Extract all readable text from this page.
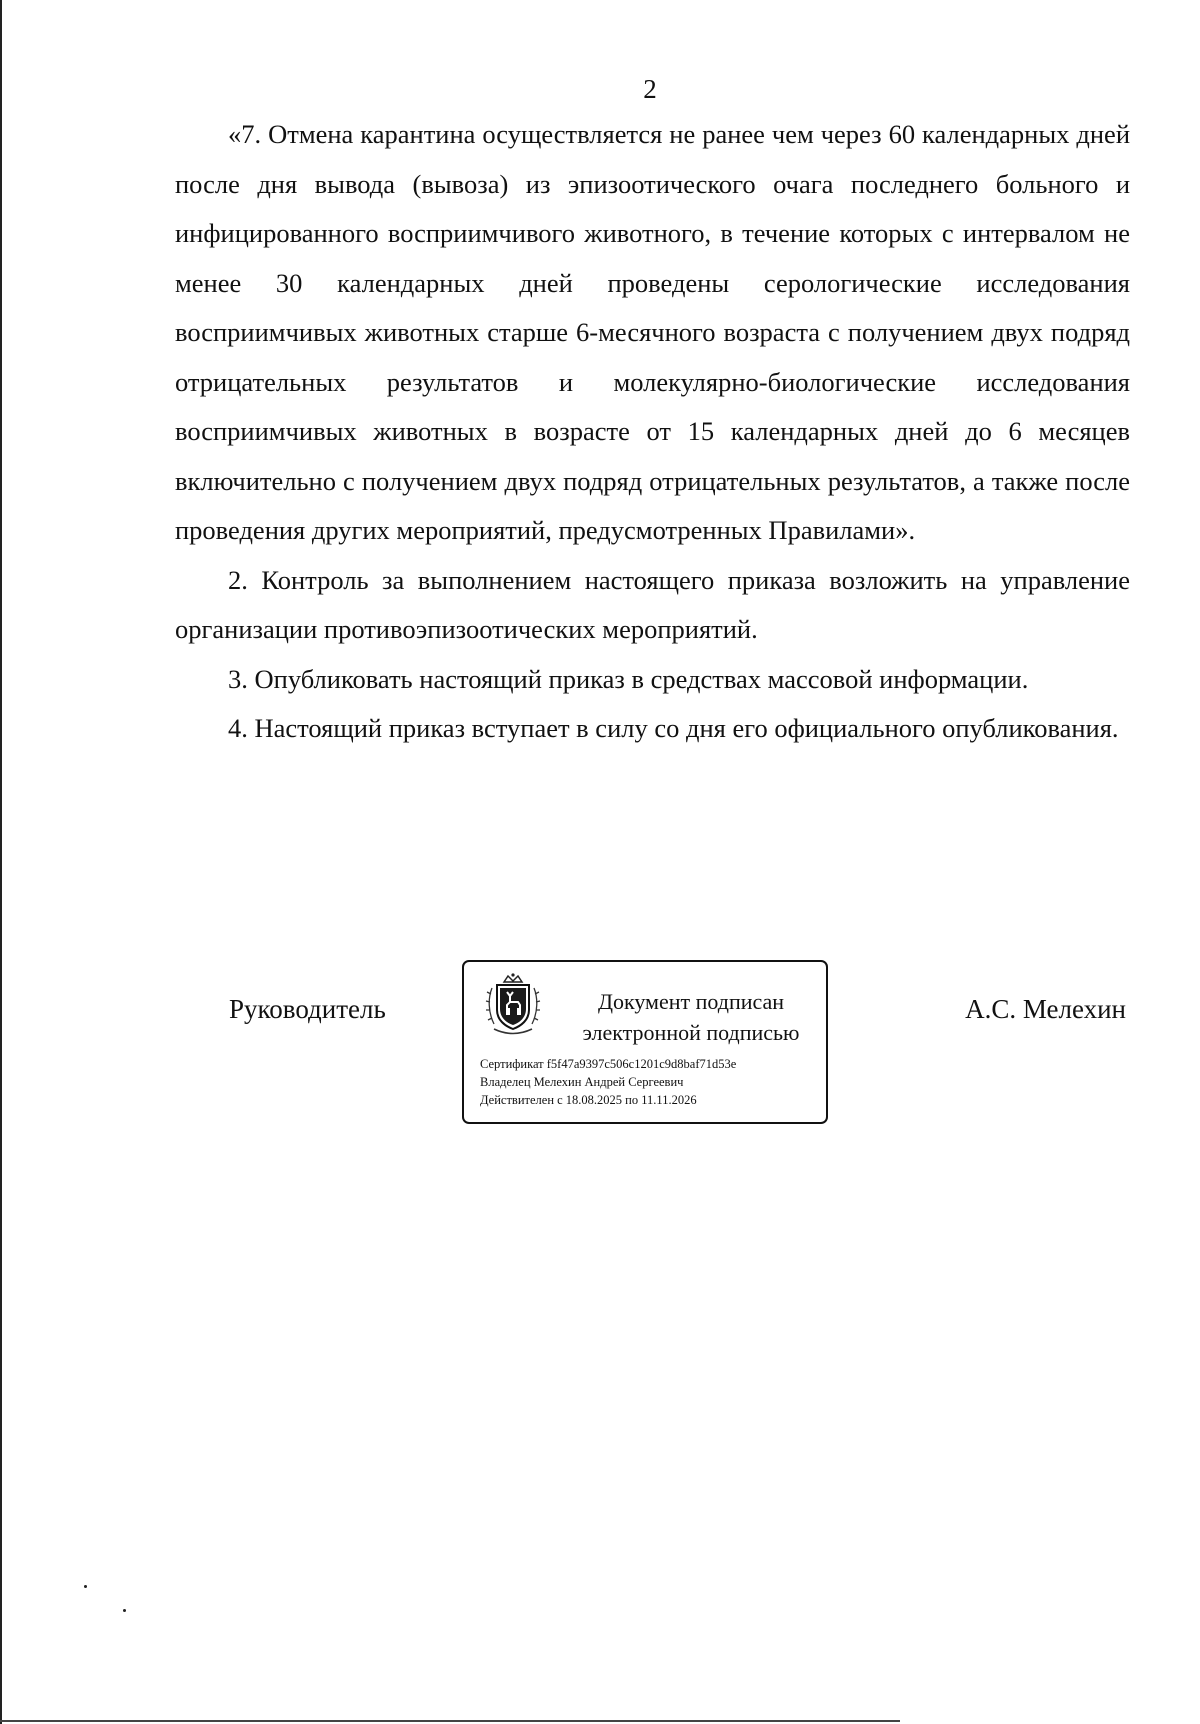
2

«7. Отмена карантина осуществляется не ранее чем через 60 календарных дней после дня вывода (вывоза) из эпизоотического очага последнего больного и инфицированного восприимчивого животного, в течение которых с интервалом не менее 30 календарных дней проведены серологические исследования восприимчивых животных старше 6-месячного возраста с получением двух подряд отрицательных результатов и молекулярно-биологические исследования восприимчивых животных в возрасте от 15 календарных дней до 6 месяцев включительно с получением двух подряд отрицательных результатов, а также после проведения других мероприятий, предусмотренных Правилами».

2. Контроль за выполнением настоящего приказа возложить на управление организации противоэпизоотических мероприятий.

3. Опубликовать настоящий приказ в средствах массовой информации.

4. Настоящий приказ вступает в силу со дня его официального опубликования.

Руководитель	Документ подписан
электронной подписью
Сертификат f5f47a9397c506c1201c9d8baf71d53e
Владелец Мелехин Андрей Сергеевич
Действителен с 18.08.2025 по 11.11.2026
А.С. Мелехин
